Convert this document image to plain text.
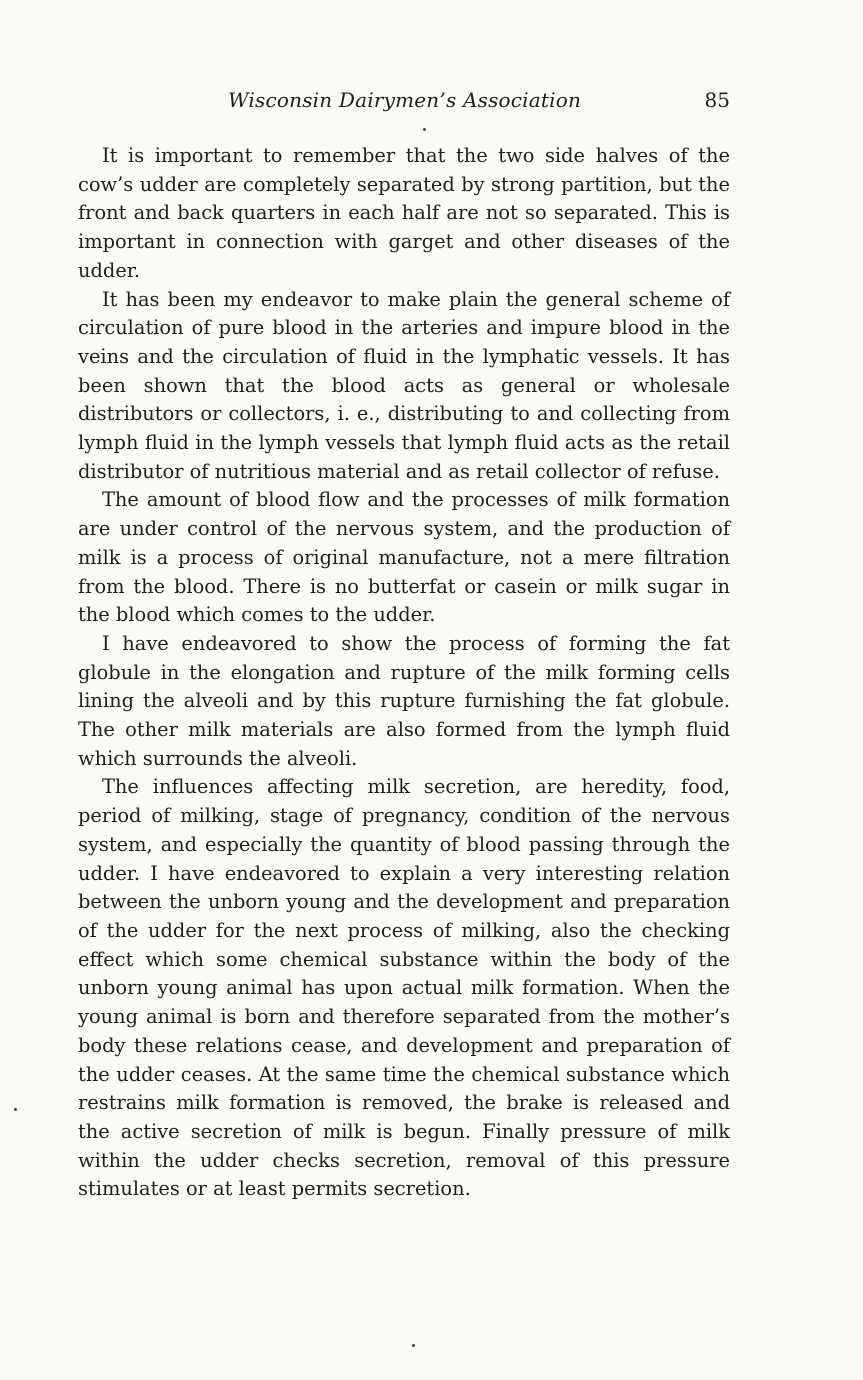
Wisconsin Dairymen’s Association	85

It is important to remember that the two side halves of the cow’s udder are completely separated by strong partition, but the front and back quarters in each half are not so separated. This is important in connection with garget and other diseases of the udder.

It has been my endeavor to make plain the general scheme of circulation of pure blood in the arteries and impure blood in the veins and the circulation of fluid in the lymphatic vessels. It has been shown that the blood acts as general or wholesale distributors or collectors, i. e., distributing to and collecting from lymph fluid in the lymph vessels that lymph fluid acts as the retail distributor of nutritious material and as retail collector of refuse.

The amount of blood flow and the processes of milk formation are under control of the nervous system, and the production of milk is a process of original manufacture, not a mere filtration from the blood. There is no butterfat or casein or milk sugar in the blood which comes to the udder.

I have endeavored to show the process of forming the fat globule in the elongation and rupture of the milk forming cells lining the alveoli and by this rupture furnishing the fat globule. The other milk materials are also formed from the lymph fluid which surrounds the alveoli.

The influences affecting milk secretion, are heredity, food, period of milking, stage of pregnancy, condition of the nervous system, and especially the quantity of blood passing through the udder. I have endeavored to explain a very interesting relation between the unborn young and the development and preparation of the udder for the next process of milking, also the checking effect which some chemical substance within the body of the unborn young animal has upon actual milk formation. When the young animal is born and therefore separated from the mother’s body these relations cease, and development and preparation of the udder ceases. At the same time the chemical substance which restrains milk formation is removed, the brake is released and the active secretion of milk is begun. Finally pressure of milk within the udder checks secretion, removal of this pressure stimulates or at least permits secretion.
